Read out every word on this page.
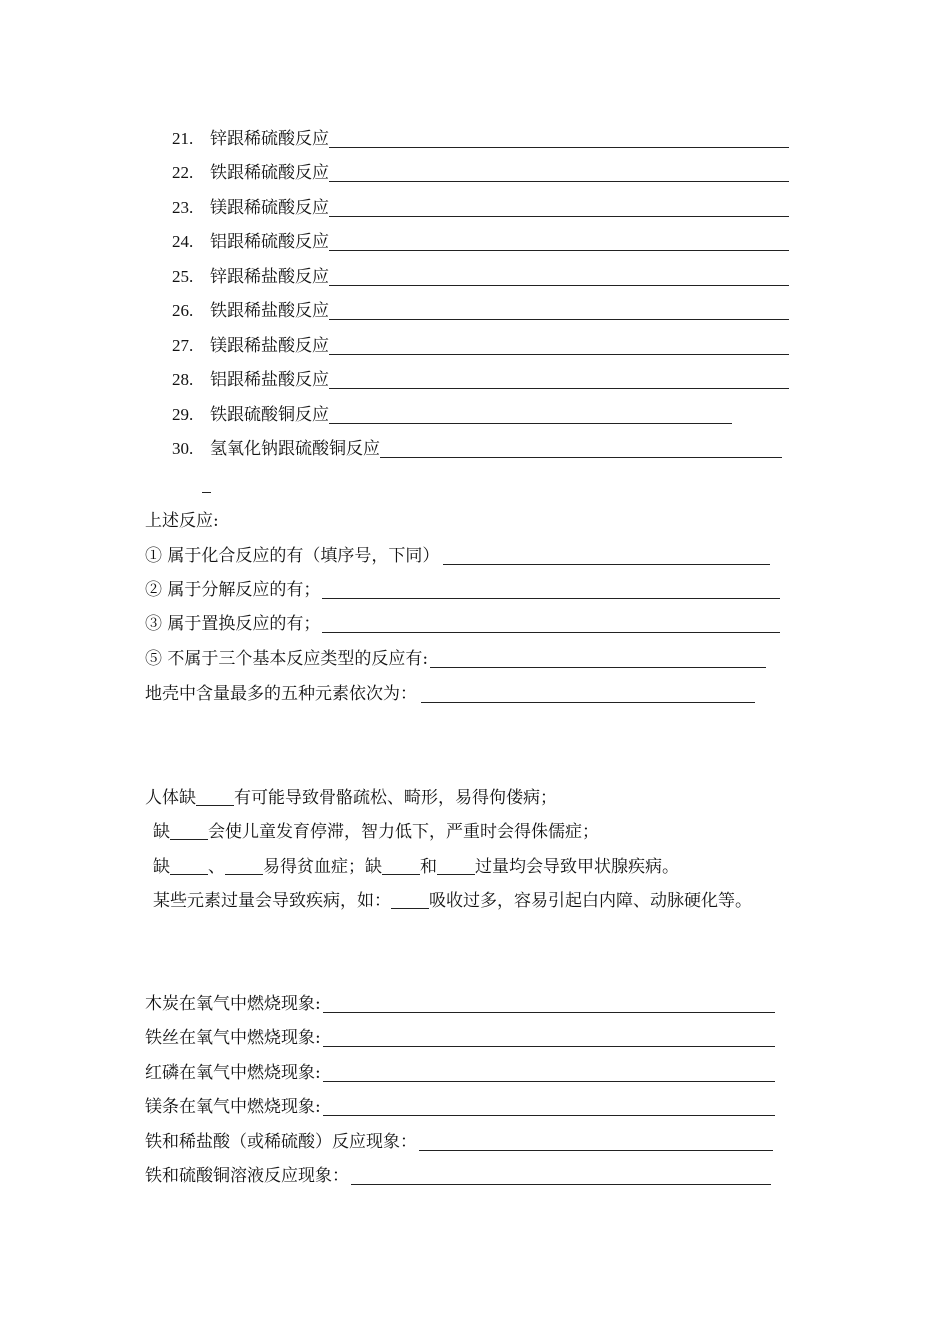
21. 锌跟稀硫酸反应
22. 铁跟稀硫酸反应
23. 镁跟稀硫酸反应
24. 铝跟稀硫酸反应
25. 锌跟稀盐酸反应
26. 铁跟稀盐酸反应
27. 镁跟稀盐酸反应
28. 铝跟稀盐酸反应
29. 铁跟硫酸铜反应
30. 氢氧化钠跟硫酸铜反应
上述反应:
① 属于化合反应的有（填序号，下同）
② 属于分解反应的有；
③ 属于置换反应的有；
⑤ 不属于三个基本反应类型的反应有:
地壳中含量最多的五种元素依次为：
人体缺 有可能导致骨骼疏松、畸形，易得佝偻病；
缺 会使儿童发育停滞，智力低下，严重时会得侏儒症；
缺 、 易得贫血症；缺 和 过量均会导致甲状腺疾病。
某些元素过量会导致疾病，如： 吸收过多，容易引起白内障、动脉硬化等。
木炭在氧气中燃烧现象:
铁丝在氧气中燃烧现象:
红磷在氧气中燃烧现象:
镁条在氧气中燃烧现象:
铁和稀盐酸（或稀硫酸）反应现象：
铁和硫酸铜溶液反应现象：
